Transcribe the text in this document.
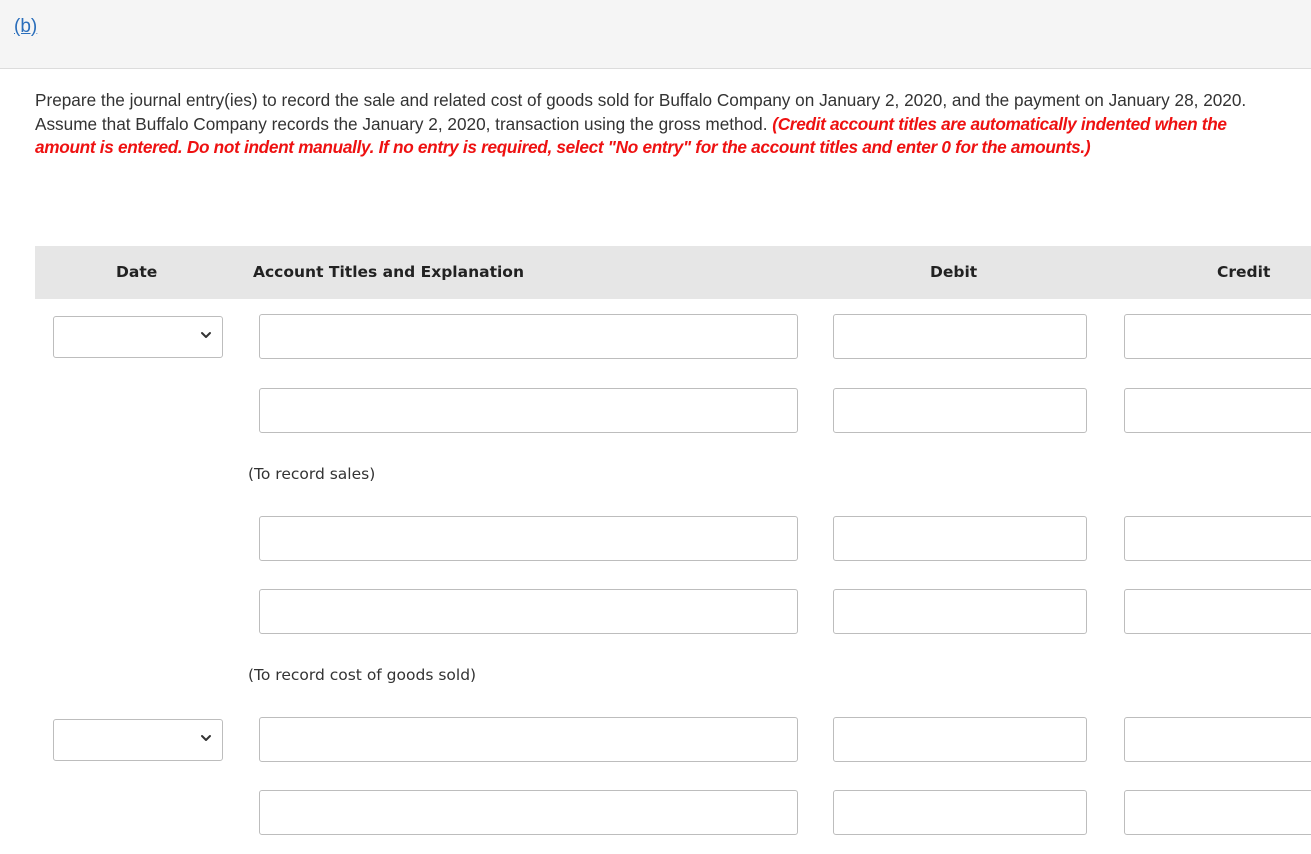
(b)
Prepare the journal entry(ies) to record the sale and related cost of goods sold for Buffalo Company on January 2, 2020, and the payment on January 28, 2020. Assume that Buffalo Company records the January 2, 2020, transaction using the gross method. (Credit account titles are automatically indented when the amount is entered. Do not indent manually. If no entry is required, select "No entry" for the account titles and enter 0 for the amounts.)
Date	Account Titles and Explanation	Debit	Credit
(To record sales)
(To record cost of goods sold)
